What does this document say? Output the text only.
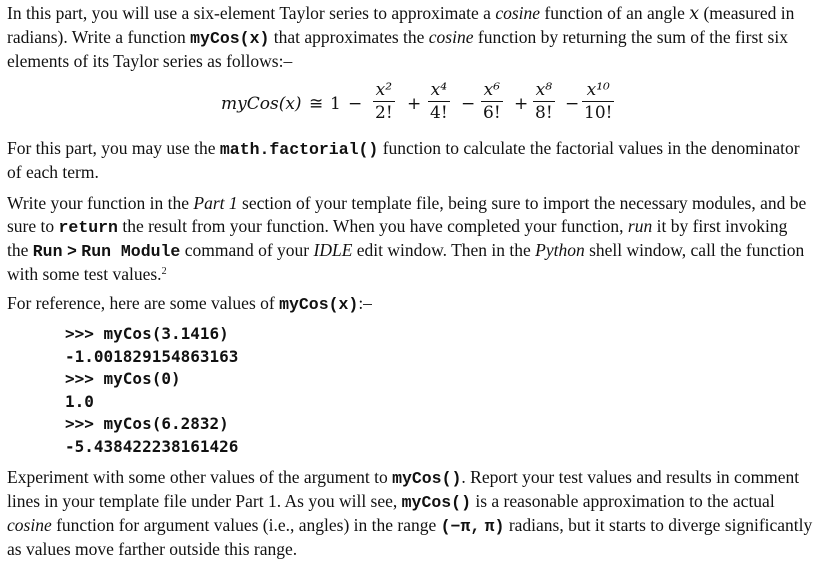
In this part, you will use a six-element Taylor series to approximate a cosine function of an angle x (measured in radians). Write a function myCos(x) that approximates the cosine function by returning the sum of the first six elements of its Taylor series as follows:–

myCos(x) ≅ 1 −
x²
2! +
x⁴
4! −
x⁶
6! +
x⁸
8! −
x¹⁰
10!

For this part, you may use the math.factorial() function to calculate the factorial values in the denominator of each term.

Write your function in the Part 1 section of your template file, being sure to import the necessary modules, and be sure to return the result from your function. When you have completed your function, run it by first invoking the Run > Run Module command of your IDLE edit window. Then in the Python shell window, call the function with some test values.$^2$

For reference, here are some values of myCos(x):–

>>> myCos(3.1416)
-1.001829154863163
>>> myCos(0)
1.0
>>> myCos(6.2832)
-5.438422238161426

Experiment with some other values of the argument to myCos(). Report your test values and results in comment lines in your template file under Part 1. As you will see, myCos() is a reasonable approximation to the actual cosine function for argument values (i.e., angles) in the range (−π, π) radians, but it starts to diverge significantly as values move farther outside this range.
